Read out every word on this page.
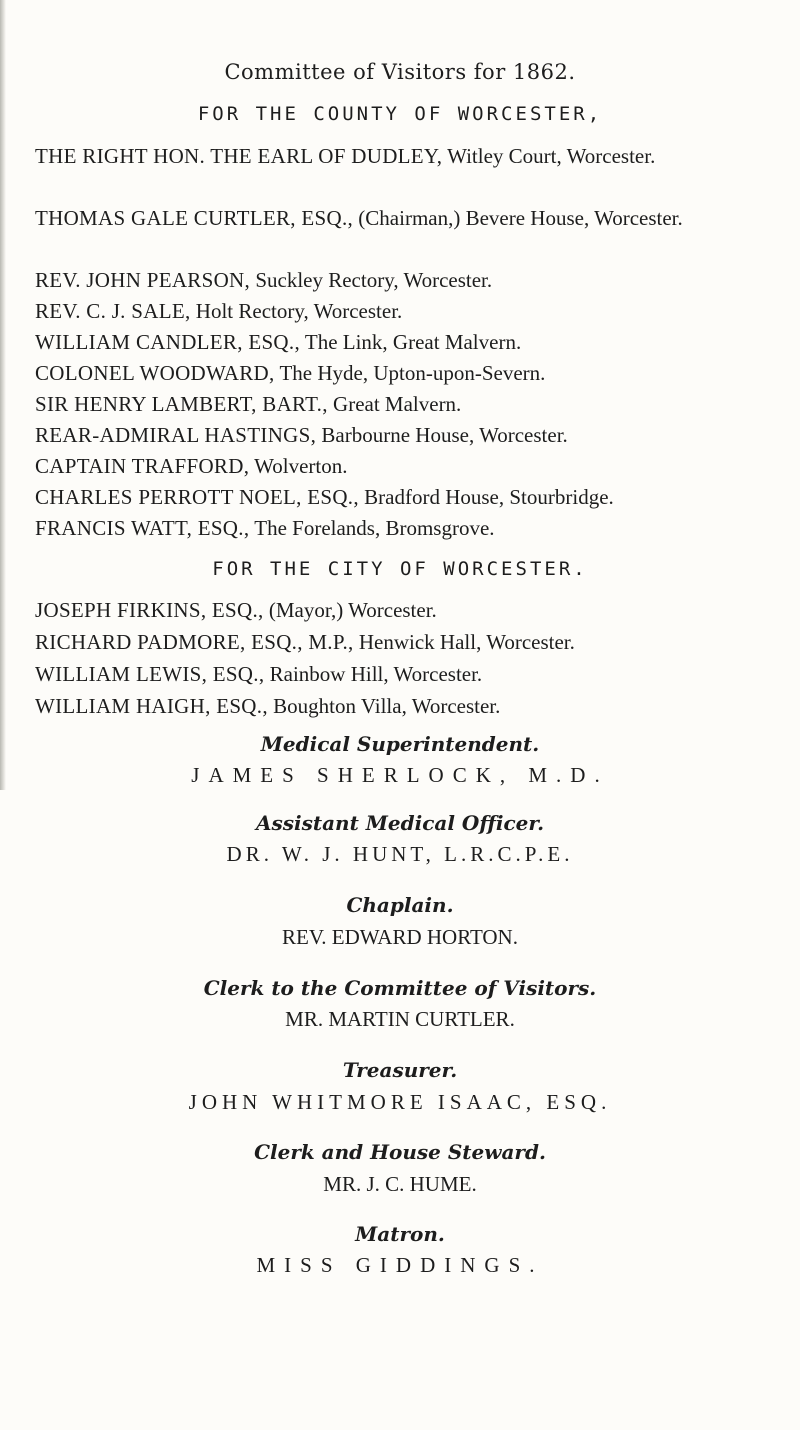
Committee of Visitors for 1862.
FOR THE COUNTY OF WORCESTER,
THE RIGHT HON. THE EARL OF DUDLEY, Witley Court, Worcester.
THOMAS GALE CURTLER, ESQ., (Chairman,) Bevere House, Worcester.
REV. JOHN PEARSON, Suckley Rectory, Worcester.
REV. C. J. SALE, Holt Rectory, Worcester.
WILLIAM CANDLER, ESQ., The Link, Great Malvern.
COLONEL WOODWARD, The Hyde, Upton-upon-Severn.
SIR HENRY LAMBERT, BART., Great Malvern.
REAR-ADMIRAL HASTINGS, Barbourne House, Worcester.
CAPTAIN TRAFFORD, Wolverton.
CHARLES PERROTT NOEL, ESQ., Bradford House, Stourbridge.
FRANCIS WATT, ESQ., The Forelands, Bromsgrove.
FOR THE CITY OF WORCESTER.
JOSEPH FIRKINS, ESQ., (Mayor,) Worcester.
RICHARD PADMORE, ESQ., M.P., Henwick Hall, Worcester.
WILLIAM LEWIS, ESQ., Rainbow Hill, Worcester.
WILLIAM HAIGH, ESQ., Boughton Villa, Worcester.
Medical Superintendent.
JAMES SHERLOCK, M.D.
Assistant Medical Officer.
DR. W. J. HUNT, L.R.C.P.E.
Chaplain.
REV. EDWARD HORTON.
Clerk to the Committee of Visitors.
MR. MARTIN CURTLER.
Treasurer.
JOHN WHITMORE ISAAC, ESQ.
Clerk and House Steward.
MR. J. C. HUME.
Matron.
MISS GIDDINGS.
